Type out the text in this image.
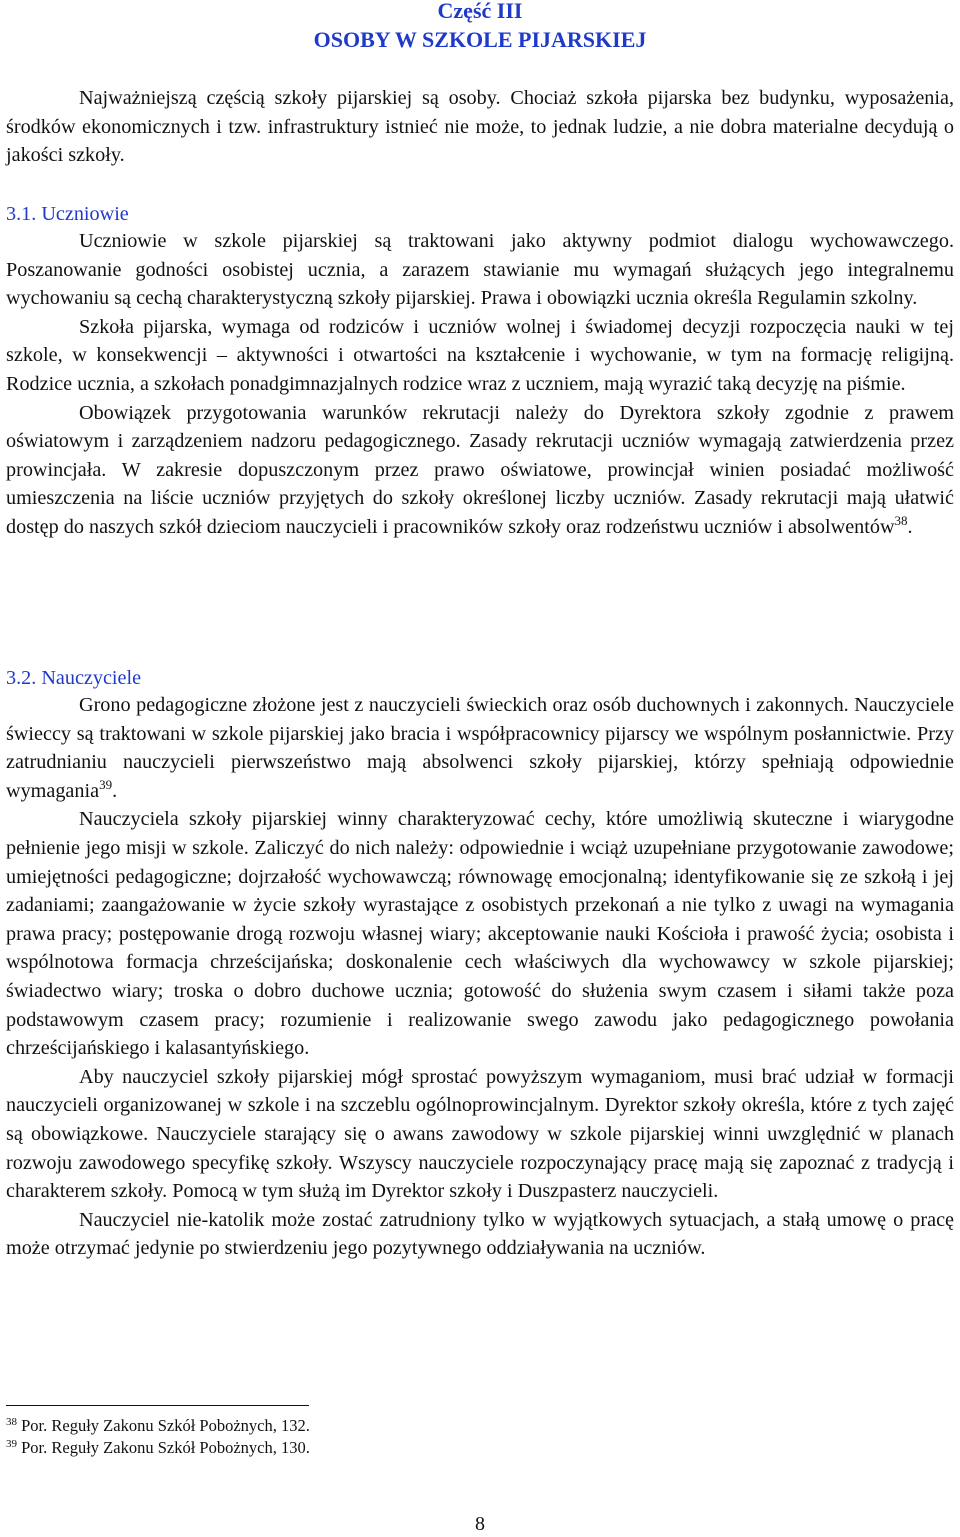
Część III
OSOBY W SZKOLE PIJARSKIEJ

Najważniejszą częścią szkoły pijarskiej są osoby. Chociaż szkoła pijarska bez budynku, wyposażenia, środków ekonomicznych i tzw. infrastruktury istnieć nie może, to jednak ludzie, a nie dobra materialne decydują o jakości szkoły.

3.1. Uczniowie

Uczniowie w szkole pijarskiej są traktowani jako aktywny podmiot dialogu wychowawczego. Poszanowanie godności osobistej ucznia, a zarazem stawianie mu wymagań służących jego integralnemu wychowaniu są cechą charakterystyczną szkoły pijarskiej. Prawa i obowiązki ucznia określa Regulamin szkolny.

Szkoła pijarska, wymaga od rodziców i uczniów wolnej i świadomej decyzji rozpoczęcia nauki w tej szkole, w konsekwencji – aktywności i otwartości na kształcenie i wychowanie, w tym na formację religijną. Rodzice ucznia, a szkołach ponadgimnazjalnych rodzice wraz z uczniem, mają wyrazić taką decyzję na piśmie.

Obowiązek przygotowania warunków rekrutacji należy do Dyrektora szkoły zgodnie z prawem oświatowym i zarządzeniem nadzoru pedagogicznego. Zasady rekrutacji uczniów wymagają zatwierdzenia przez prowincjała. W zakresie dopuszczonym przez prawo oświatowe, prowincjał winien posiadać możliwość umieszczenia na liście uczniów przyjętych do szkoły określonej liczby uczniów. Zasady rekrutacji mają ułatwić dostęp do naszych szkół dzieciom nauczycieli i pracowników szkoły oraz rodzeństwu uczniów i absolwentów$^{38}$.

3.2. Nauczyciele

Grono pedagogiczne złożone jest z nauczycieli świeckich oraz osób duchownych i zakonnych. Nauczyciele świeccy są traktowani w szkole pijarskiej jako bracia i współpracownicy pijarscy we wspólnym posłannictwie. Przy zatrudnianiu nauczycieli pierwszeństwo mają absolwenci szkoły pijarskiej, którzy spełniają odpowiednie wymagania$^{39}$.

Nauczyciela szkoły pijarskiej winny charakteryzować cechy, które umożliwią skuteczne i wiarygodne pełnienie jego misji w szkole. Zaliczyć do nich należy: odpowiednie i wciąż uzupełniane przygotowanie zawodowe; umiejętności pedagogiczne; dojrzałość wychowawczą; równowagę emocjonalną; identyfikowanie się ze szkołą i jej zadaniami; zaangażowanie w życie szkoły wyrastające z osobistych przekonań a nie tylko z uwagi na wymagania prawa pracy; postępowanie drogą rozwoju własnej wiary; akceptowanie nauki Kościoła i prawość życia; osobista i wspólnotowa formacja chrześcijańska; doskonalenie cech właściwych dla wychowawcy w szkole pijarskiej; świadectwo wiary; troska o dobro duchowe ucznia; gotowość do służenia swym czasem i siłami także poza podstawowym czasem pracy; rozumienie i realizowanie swego zawodu jako pedagogicznego powołania chrześcijańskiego i kalasantyńskiego.

Aby nauczyciel szkoły pijarskiej mógł sprostać powyższym wymaganiom, musi brać udział w formacji nauczycieli organizowanej w szkole i na szczeblu ogólnoprowincjalnym. Dyrektor szkoły określa, które z tych zajęć są obowiązkowe. Nauczyciele starający się o awans zawodowy w szkole pijarskiej winni uwzględnić w planach rozwoju zawodowego specyfikę szkoły. Wszyscy nauczyciele rozpoczynający pracę mają się zapoznać z tradycją i charakterem szkoły. Pomocą w tym służą im Dyrektor szkoły i Duszpasterz nauczycieli.

Nauczyciel nie-katolik może zostać zatrudniony tylko w wyjątkowych sytuacjach, a stałą umowę o pracę może otrzymać jedynie po stwierdzeniu jego pozytywnego oddziaływania na uczniów.

$^{38}$ Por. Reguły Zakonu Szkół Pobożnych, 132.
$^{39}$ Por. Reguły Zakonu Szkół Pobożnych, 130.
8
